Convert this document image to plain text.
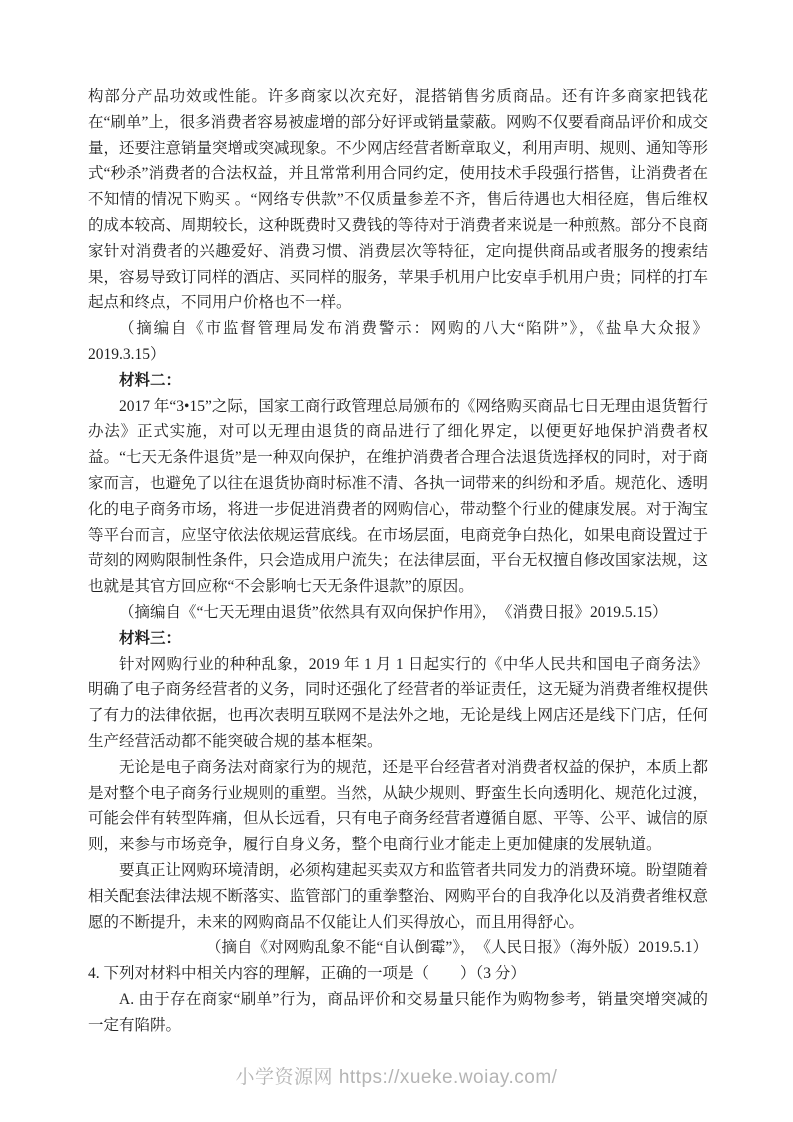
构部分产品功效或性能。许多商家以次充好，混搭销售劣质商品。还有许多商家把钱花在“刷单”上，很多消费者容易被虚增的部分好评或销量蒙蔽。网购不仅要看商品评价和成交量，还要注意销量突增或突减现象。不少网店经营者断章取义，利用声明、规则、通知等形式“秒杀”消费者的合法权益，并且常常利用合同约定，使用技术手段强行搭售，让消费者在不知情的情况下购买 。“网络专供款”不仅质量参差不齐，售后待遇也大相径庭，售后维权的成本较高、周期较长，这种既费时又费钱的等待对于消费者来说是一种煎熬。部分不良商家针对消费者的兴趣爱好、消费习惯、消费层次等特征，定向提供商品或者服务的搜索结果，容易导致订同样的酒店、买同样的服务，苹果手机用户比安卓手机用户贵；同样的打车起点和终点，不同用户价格也不一样。

（摘编自《市监督管理局发布消费警示：网购的八大“陷阱”》，《盐阜大众报》2019.3.15）

材料二：

2017 年“3•15”之际，国家工商行政管理总局颁布的《网络购买商品七日无理由退货暂行办法》正式实施，对可以无理由退货的商品进行了细化界定，以便更好地保护消费者权益。“七天无条件退货”是一种双向保护，在维护消费者合理合法退货选择权的同时，对于商家而言，也避免了以往在退货协商时标准不清、各执一词带来的纠纷和矛盾。规范化、透明化的电子商务市场，将进一步促进消费者的网购信心，带动整个行业的健康发展。对于淘宝等平台而言，应坚守依法依规运营底线。在市场层面，电商竞争白热化，如果电商设置过于苛刻的网购限制性条件，只会造成用户流失；在法律层面，平台无权擅自修改国家法规，这也就是其官方回应称“不会影响七天无条件退款”的原因。

（摘编自《“七天无理由退货”依然具有双向保护作用》，　《消费日报》2019.5.15）

材料三：

针对网购行业的种种乱象，2019 年 1 月 1 日起实行的《中华人民共和国电子商务法》明确了电子商务经营者的义务，同时还强化了经营者的举证责任，这无疑为消费者维权提供了有力的法律依据，也再次表明互联网不是法外之地，无论是线上网店还是线下门店，任何生产经营活动都不能突破合规的基本框架。

无论是电子商务法对商家行为的规范，还是平台经营者对消费者权益的保护，本质上都是对整个电子商务行业规则的重塑。当然，从缺少规则、野蛮生长向透明化、规范化过渡，可能会伴有转型阵痛，但从长远看，只有电子商务经营者遵循自愿、平等、公平、诚信的原则，来参与市场竞争，履行自身义务，整个电商行业才能走上更加健康的发展轨道。

要真正让网购环境清朗，必须构建起买卖双方和监管者共同发力的消费环境。盼望随着相关配套法律法规不断落实、监管部门的重拳整治、网购平台的自我净化以及消费者维权意愿的不断提升，未来的网购商品不仅能让人们买得放心，而且用得舒心。

（摘自《对网购乱象不能“自认倒霉”》，　《人民日报》（海外版）2019.5.1）

4. 下列对材料中相关内容的理解，正确的一项是（　　）（3 分）

A. 由于存在商家“刷单”行为，商品评价和交易量只能作为购物参考，销量突增突减的一定有陷阱。

小学资源网 https://xueke.woiay.com/
